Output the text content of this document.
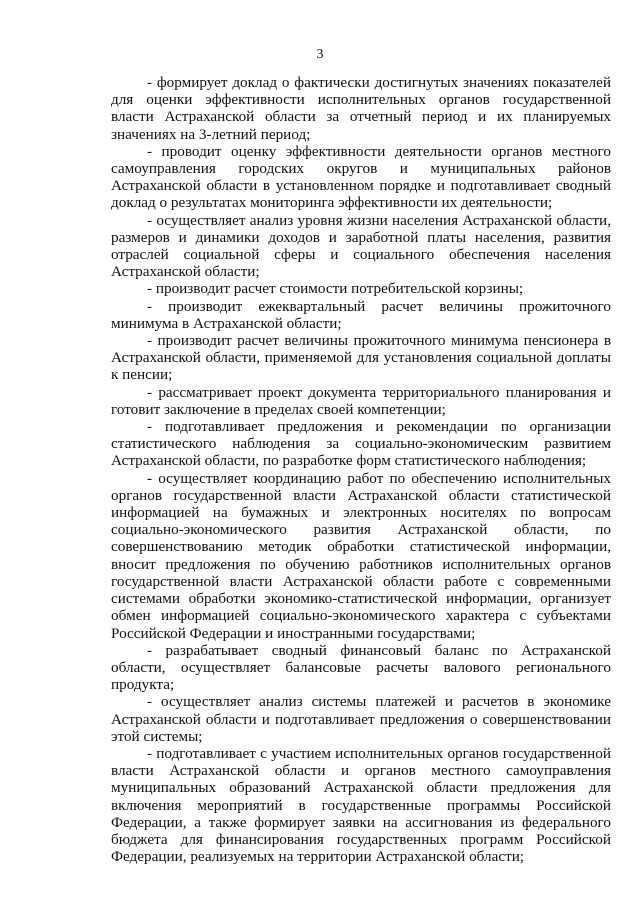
3

- формирует доклад о фактически достигнутых значениях показателей для оценки эффективности исполнительных органов государственной власти Астраханской области за отчетный период и их планируемых значениях на 3-летний период;

- проводит оценку эффективности деятельности органов местного самоуправления городских округов и муниципальных районов Астраханской области в установленном порядке и подготавливает сводный доклад о результатах мониторинга эффективности их деятельности;

- осуществляет анализ уровня жизни населения Астраханской области, размеров и динамики доходов и заработной платы населения, развития отраслей социальной сферы и социального обеспечения населения Астраханской области;

- производит расчет стоимости потребительской корзины;

- производит ежеквартальный расчет величины прожиточного минимума в Астраханской области;

- производит расчет величины прожиточного минимума пенсионера в Астраханской области, применяемой для установления социальной доплаты к пенсии;

- рассматривает проект документа территориального планирования и готовит заключение в пределах своей компетенции;

- подготавливает предложения и рекомендации по организации статистического наблюдения за социально-экономическим развитием Астраханской области, по разработке форм статистического наблюдения;

- осуществляет координацию работ по обеспечению исполнительных органов государственной власти Астраханской области статистической информацией на бумажных и электронных носителях по вопросам социально-экономического развития Астраханской области, по совершенствованию методик обработки статистической информации, вносит предложения по обучению работников исполнительных органов государственной власти Астраханской области работе с современными системами обработки экономико-статистической информации, организует обмен информацией социально-экономического характера с субъектами Российской Федерации и иностранными государствами;

- разрабатывает сводный финансовый баланс по Астраханской области, осуществляет балансовые расчеты валового регионального продукта;

- осуществляет анализ системы платежей и расчетов в экономике Астраханской области и подготавливает предложения о совершенствовании этой системы;

- подготавливает с участием исполнительных органов государственной власти Астраханской области и органов местного самоуправления муниципальных образований Астраханской области предложения для включения мероприятий в государственные программы Российской Федерации, а также формирует заявки на ассигнования из федерального бюджета для финансирования государственных программ Российской Федерации, реализуемых на территории Астраханской области;
